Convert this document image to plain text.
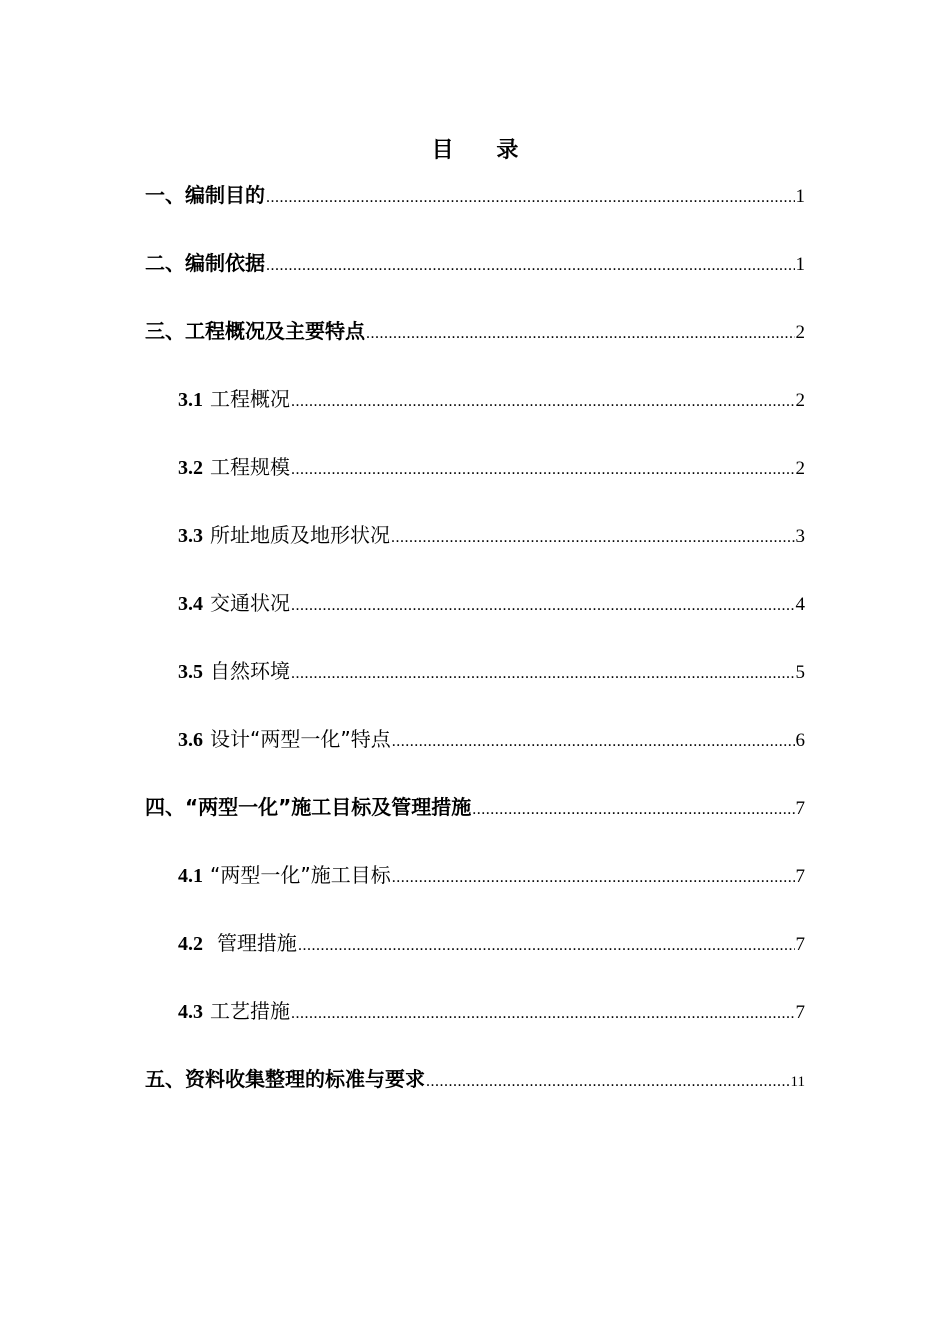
目 录
一、编制目的 .....	1
二、编制依据 .....	1
三、工程概况及主要特点 .....	2
3.1 工程概况 .....	2
3.2 工程规模 .....	2
3.3 所址地质及地形状况 .....	3
3.4 交通状况 .....	4
3.5 自然环境 .....	5
3.6 设计“两型一化”特点 .....	6
四、“两型一化”施工目标及管理措施 .....	7
4.1 “两型一化”施工目标 .....	7
4.2 管理措施 .....	7
4.3 工艺措施 .....	7
五、资料收集整理的标准与要求 .....	11
